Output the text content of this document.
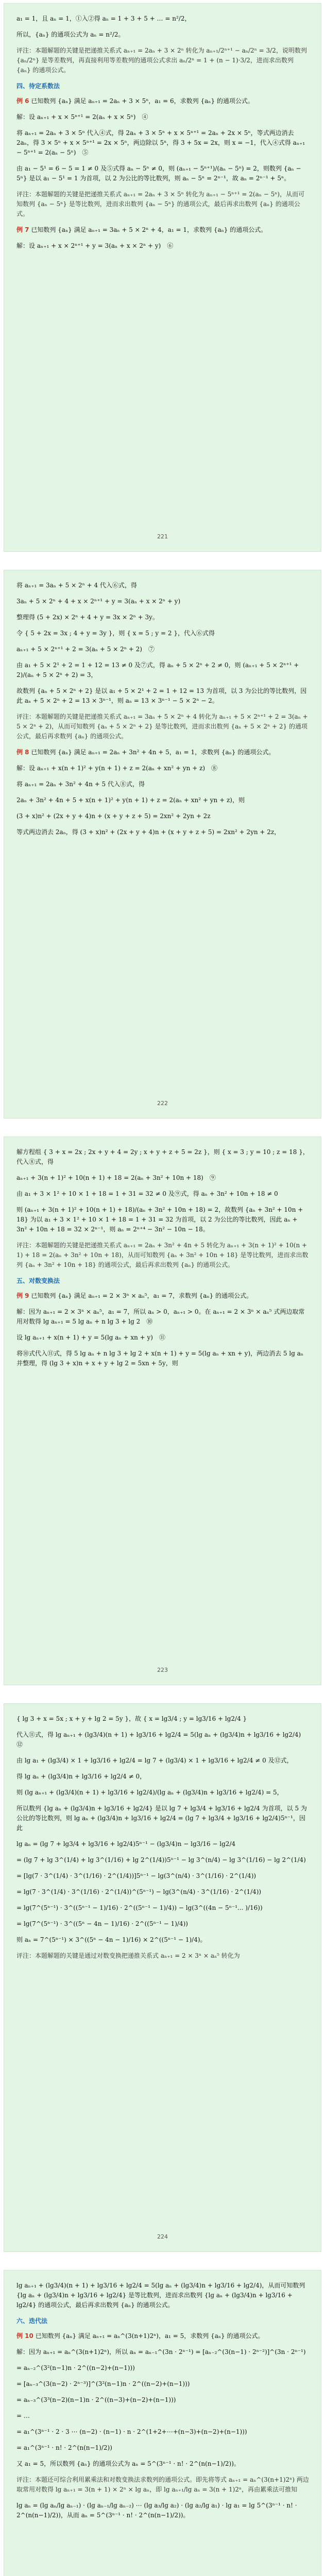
a₁ = 1，且 aₙ = 1，①入②得 aₙ = 1 + 3 + 5 + … = n²/2，
所以，{aₙ} 的通项公式为 aₙ = n²/2。
评注：本题解题的关键是把递推关系式 aₙ₊₁ = 2aₙ + 3 × 2ⁿ 转化为 aₙ₊₁/2ⁿ⁺¹ − aₙ/2ⁿ = 3/2，说明数列 {aₙ/2ⁿ} 是等差数列，再直接利用等差数列的通项公式求出 aₙ/2ⁿ = 1 + (n − 1)·3/2，进而求出数列 {aₙ} 的通项公式。
四、待定系数法
例 6 已知数列 {aₙ} 满足 aₙ₊₁ = 2aₙ + 3 × 5ⁿ，a₁ = 6，求数列 {aₙ} 的通项公式。
解：设 aₙ₊₁ + x × 5ⁿ⁺¹ = 2(aₙ + x × 5ⁿ)　④
将 aₙ₊₁ = 2aₙ + 3 × 5ⁿ 代入④式，得 2aₙ + 3 × 5ⁿ + x × 5ⁿ⁺¹ = 2aₙ + 2x × 5ⁿ，等式两边消去 2aₙ，得 3 × 5ⁿ + x × 5ⁿ⁺¹ = 2x × 5ⁿ，两边除以 5ⁿ，得 3 + 5x = 2x，则 x = −1，代入④式得 aₙ₊₁ − 5ⁿ⁺¹ = 2(aₙ − 5ⁿ)　⑤
由 a₁ − 5¹ = 6 − 5 = 1 ≠ 0 及⑤式得 aₙ − 5ⁿ ≠ 0，则 (aₙ₊₁ − 5ⁿ⁺¹)/(aₙ − 5ⁿ) = 2，则数列 {aₙ − 5ⁿ} 是以 a₁ − 5¹ = 1 为首项，以 2 为公比的等比数列，则 aₙ − 5ⁿ = 2ⁿ⁻¹，故 aₙ = 2ⁿ⁻¹ + 5ⁿ。
评注：本题解题的关键是把递推关系式 aₙ₊₁ = 2aₙ + 3 × 5ⁿ 转化为 aₙ₊₁ − 5ⁿ⁺¹ = 2(aₙ − 5ⁿ)，从而可知数列 {aₙ − 5ⁿ} 是等比数列，进而求出数列 {aₙ − 5ⁿ} 的通项公式，最后再求出数列 {aₙ} 的通项公式。
例 7 已知数列 {aₙ} 满足 aₙ₊₁ = 3aₙ + 5 × 2ⁿ + 4，a₁ = 1，求数列 {aₙ} 的通项公式。
解：设 aₙ₊₁ + x × 2ⁿ⁺¹ + y = 3(aₙ + x × 2ⁿ + y)　⑥
221
将 aₙ₊₁ = 3aₙ + 5 × 2ⁿ + 4 代入⑥式，得
3aₙ + 5 × 2ⁿ + 4 + x × 2ⁿ⁺¹ + y = 3(aₙ + x × 2ⁿ + y)
整理得 (5 + 2x) × 2ⁿ + 4 + y = 3x × 2ⁿ + 3y。
令 { 5 + 2x = 3x ; 4 + y = 3y }，则 { x = 5 ; y = 2 }，代入⑥式得
aₙ₊₁ + 5 × 2ⁿ⁺¹ + 2 = 3(aₙ + 5 × 2ⁿ + 2)　⑦
由 a₁ + 5 × 2¹ + 2 = 1 + 12 = 13 ≠ 0 及⑦式，得 aₙ + 5 × 2ⁿ + 2 ≠ 0，则 (aₙ₊₁ + 5 × 2ⁿ⁺¹ + 2)/(aₙ + 5 × 2ⁿ + 2) = 3，
故数列 {aₙ + 5 × 2ⁿ + 2} 是以 a₁ + 5 × 2¹ + 2 = 1 + 12 = 13 为首项，以 3 为公比的等比数列，因此 aₙ + 5 × 2ⁿ + 2 = 13 × 3ⁿ⁻¹，则 aₙ = 13 × 3ⁿ⁻¹ − 5 × 2ⁿ − 2。
评注：本题解题的关键是把递推关系式 aₙ₊₁ = 3aₙ + 5 × 2ⁿ + 4 转化为 aₙ₊₁ + 5 × 2ⁿ⁺¹ + 2 = 3(aₙ + 5 × 2ⁿ + 2)，从而可知数列 {aₙ + 5 × 2ⁿ + 2} 是等比数列，进而求出数列 {aₙ + 5 × 2ⁿ + 2} 的通项公式，最后再求数列 {aₙ} 的通项公式。
例 8 已知数列 {aₙ} 满足 aₙ₊₁ = 2aₙ + 3n² + 4n + 5，a₁ = 1，求数列 {aₙ} 的通项公式。
解：设 aₙ₊₁ + x(n + 1)² + y(n + 1) + z = 2(aₙ + xn² + yn + z)　⑧
将 aₙ₊₁ = 2aₙ + 3n² + 4n + 5 代入⑧式，得
2aₙ + 3n² + 4n + 5 + x(n + 1)² + y(n + 1) + z = 2(aₙ + xn² + yn + z)，则
(3 + x)n² + (2x + y + 4)n + (x + y + z + 5) = 2xn² + 2yn + 2z
等式两边消去 2aₙ，得 (3 + x)n² + (2x + y + 4)n + (x + y + z + 5) = 2xn² + 2yn + 2z，
222
解方程组 { 3 + x = 2x ; 2x + y + 4 = 2y ; x + y + z + 5 = 2z }，则 { x = 3 ; y = 10 ; z = 18 }，代入⑧式，得
aₙ₊₁ + 3(n + 1)² + 10(n + 1) + 18 = 2(aₙ + 3n² + 10n + 18)　⑨
由 a₁ + 3 × 1² + 10 × 1 + 18 = 1 + 31 = 32 ≠ 0 及⑨式，得 aₙ + 3n² + 10n + 18 ≠ 0
则 (aₙ₊₁ + 3(n + 1)² + 10(n + 1) + 18)/(aₙ + 3n² + 10n + 18) = 2，故数列 {aₙ + 3n² + 10n + 18} 为以 a₁ + 3 × 1² + 10 × 1 + 18 = 1 + 31 = 32 为首项，以 2 为公比的等比数列，因此 aₙ + 3n² + 10n + 18 = 32 × 2ⁿ⁻¹，则 aₙ = 2ⁿ⁺⁴ − 3n² − 10n − 18。
评注：本题解题的关键是把递推关系式 aₙ₊₁ = 2aₙ + 3n² + 4n + 5 转化为 aₙ₊₁ + 3(n + 1)² + 10(n + 1) + 18 = 2(aₙ + 3n² + 10n + 18)，从而可知数列 {aₙ + 3n² + 10n + 18} 是等比数列，进而求出数列 {aₙ + 3n² + 10n + 18} 的通项公式，最后再求出数列 {aₙ} 的通项公式。
五、对数变换法
例 9 已知数列 {aₙ} 满足 aₙ₊₁ = 2 × 3ⁿ × aₙ⁵，a₁ = 7，求数列 {aₙ} 的通项公式。
解：因为 aₙ₊₁ = 2 × 3ⁿ × aₙ⁵，a₁ = 7，所以 aₙ > 0，aₙ₊₁ > 0。在 aₙ₊₁ = 2 × 3ⁿ × aₙ⁵ 式两边取常用对数得 lg aₙ₊₁ = 5 lg aₙ + n lg 3 + lg 2　⑩
设 lg aₙ₊₁ + x(n + 1) + y = 5(lg aₙ + xn + y)　⑪
将⑩式代入⑪式，得 5 lg aₙ + n lg 3 + lg 2 + x(n + 1) + y = 5(lg aₙ + xn + y)，两边消去 5 lg aₙ 并整理，得 (lg 3 + x)n + x + y + lg 2 = 5xn + 5y，则
223
{ lg 3 + x = 5x ; x + y + lg 2 = 5y }，故 { x = lg3/4 ; y = lg3/16 + lg2/4 }
代入⑪式，得 lg aₙ₊₁ + (lg3/4)(n + 1) + lg3/16 + lg2/4 = 5(lg aₙ + (lg3/4)n + lg3/16 + lg2/4)　⑫
由 lg a₁ + (lg3/4) × 1 + lg3/16 + lg2/4 = lg 7 + (lg3/4) × 1 + lg3/16 + lg2/4 ≠ 0 及⑫式，
得 lg aₙ + (lg3/4)n + lg3/16 + lg2/4 ≠ 0，
则 (lg aₙ₊₁ + (lg3/4)(n + 1) + lg3/16 + lg2/4)/(lg aₙ + (lg3/4)n + lg3/16 + lg2/4) = 5，
所以数列 {lg aₙ + (lg3/4)n + lg3/16 + lg2/4} 是以 lg 7 + lg3/4 + lg3/16 + lg2/4 为首项，以 5 为公比的等比数列，则 lg aₙ + (lg3/4)n + lg3/16 + lg2/4 = (lg 7 + lg3/4 + lg3/16 + lg2/4)5ⁿ⁻¹，因此
lg aₙ = (lg 7 + lg3/4 + lg3/16 + lg2/4)5ⁿ⁻¹ − (lg3/4)n − lg3/16 − lg2/4
= (lg 7 + lg 3^(1/4) + lg 3^(1/16) + lg 2^(1/4))5ⁿ⁻¹ − lg 3^(n/4) − lg 3^(1/16) − lg 2^(1/4)
= [lg(7 · 3^(1/4) · 3^(1/16) · 2^(1/4))]5ⁿ⁻¹ − lg(3^(n/4) · 3^(1/16) · 2^(1/4))
= lg(7 · 3^(1/4) · 3^(1/16) · 2^(1/4))^(5ⁿ⁻¹) − lg(3^(n/4) · 3^(1/16) · 2^(1/4))
= lg(7^(5ⁿ⁻¹) · 3^((5ⁿ⁻¹ − 1)/16) · 2^((5ⁿ⁻¹ − 1)/4)) − lg(3^((4n − 5ⁿ⁻¹... )/16))
= lg(7^(5ⁿ⁻¹) · 3^((5ⁿ − 4n − 1)/16) · 2^((5ⁿ⁻¹ − 1)/4))
则 aₙ = 7^(5ⁿ⁻¹) × 3^((5ⁿ − 4n − 1)/16) × 2^((5ⁿ⁻¹ − 1)/4)。
评注：本题解题的关键是通过对数变换把递推关系式 aₙ₊₁ = 2 × 3ⁿ × aₙ⁵ 转化为
224
lg aₙ₊₁ + (lg3/4)(n + 1) + lg3/16 + lg2/4 = 5(lg aₙ + (lg3/4)n + lg3/16 + lg2/4)，从而可知数列 {lg aₙ + (lg3/4)n + lg3/16 + lg2/4} 是等比数列，进而求出数列 {lg aₙ + (lg3/4)n + lg3/16 + lg2/4} 的通项公式，最后再求出数列 {aₙ} 的通项公式。
六、迭代法
例 10 已知数列 {aₙ} 满足 aₙ₊₁ = aₙ^(3(n+1)2ⁿ)，a₁ = 5，求数列 {aₙ} 的通项公式。
解：因为 aₙ₊₁ = aₙ^(3(n+1)2ⁿ)，所以 aₙ = aₙ₋₁^(3n · 2ⁿ⁻¹) = [aₙ₋₂^(3(n−1) · 2ⁿ⁻²)]^(3n · 2ⁿ⁻¹)
= aₙ₋₂^(3²(n−1)n · 2^((n−2)+(n−1)))
= [aₙ₋₃^(3(n−2) · 2ⁿ⁻³)]^(3²(n−1)n · 2^((n−2)+(n−1)))
= aₙ₋₃^(3³(n−2)(n−1)n · 2^((n−3)+(n−2)+(n−1)))
= …
= a₁^(3ⁿ⁻¹ · 2 · 3 ⋯ (n−2) · (n−1) · n · 2^(1+2+⋯+(n−3)+(n−2)+(n−1)))
= a₁^(3ⁿ⁻¹ · n! · 2^(n(n−1)/2))
又 a₁ = 5，所以数列 {aₙ} 的通项公式为 aₙ = 5^(3ⁿ⁻¹ · n! · 2^(n(n−1)/2))。
评注：本题还可综合利用累乘法和对数变换法求数列的通项公式。即先将等式 aₙ₊₁ = aₙ^(3(n+1)2ⁿ) 两边取常用对数得 lg aₙ₊₁ = 3(n + 1) × 2ⁿ × lg aₙ，即 lg aₙ₊₁/lg aₙ = 3(n + 1)2ⁿ，再由累乘法可推知
lg aₙ = (lg aₙ/lg aₙ₋₁) · (lg aₙ₋₁/lg aₙ₋₂) ⋯ (lg a₃/lg a₂) · (lg a₂/lg a₁) · lg a₁ = lg 5^(3ⁿ⁻¹ · n! · 2^(n(n−1)/2))，从而 aₙ = 5^(3ⁿ⁻¹ · n! · 2^(n(n−1)/2))。
